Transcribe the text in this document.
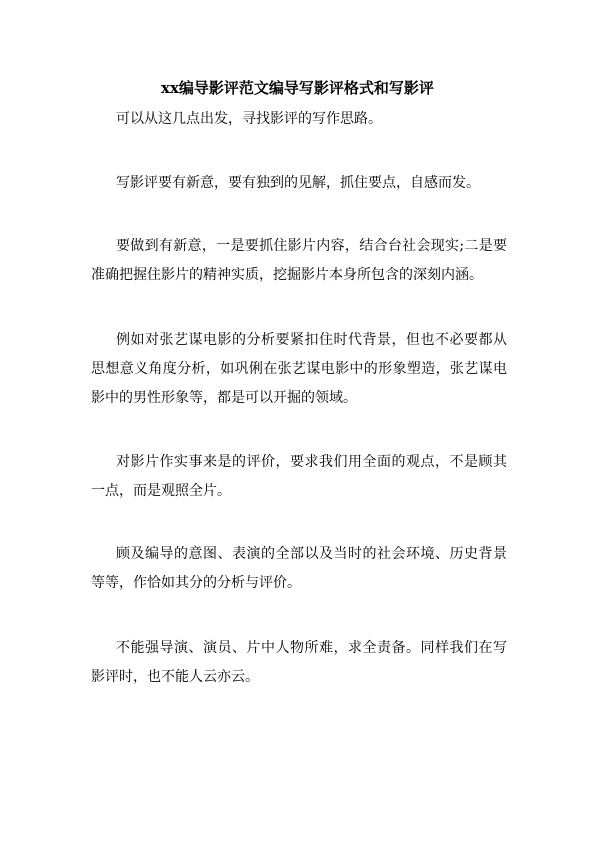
xx编导影评范文编导写影评格式和写影评

可以从这几点出发，寻找影评的写作思路。

写影评要有新意，要有独到的见解，抓住要点，自感而发。

要做到有新意，一是要抓住影片内容，结合台社会现实;二是要准确把握住影片的精神实质，挖掘影片本身所包含的深刻内涵。

例如对张艺谋电影的分析要紧扣住时代背景，但也不必要都从思想意义角度分析，如巩俐在张艺谋电影中的形象塑造，张艺谋电影中的男性形象等，都是可以开掘的领域。

对影片作实事来是的评价，要求我们用全面的观点，不是顾其一点，而是观照全片。

顾及编导的意图、表演的全部以及当时的社会环境、历史背景等等，作恰如其分的分析与评价。

不能强导演、演员、片中人物所难，求全责备。同样我们在写影评时，也不能人云亦云。
